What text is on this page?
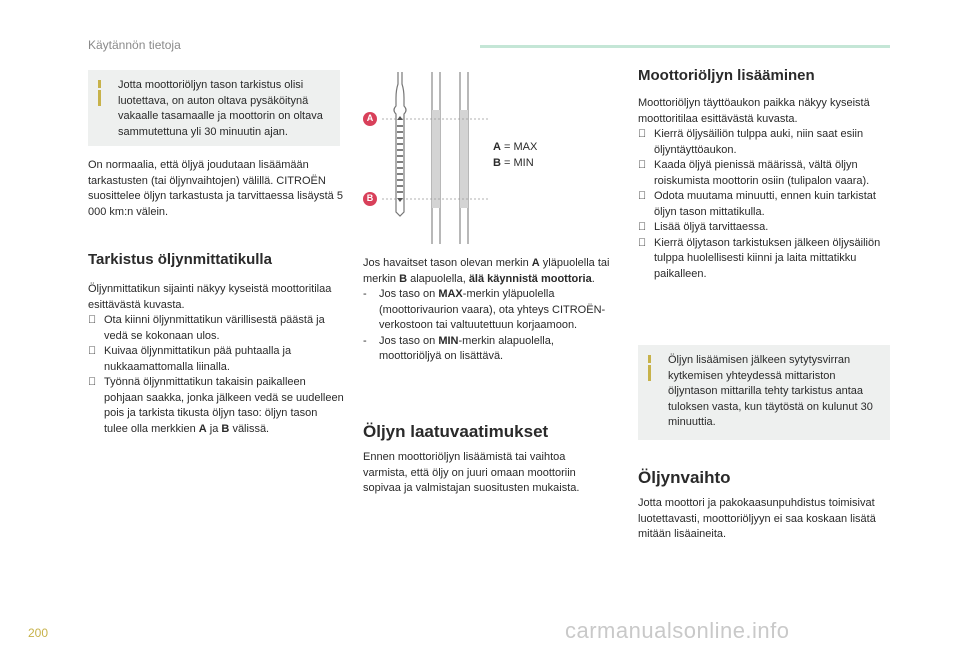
Käytännön tietoja

Jotta moottoriöljyn tason tarkistus olisi luotettava, on auton oltava pysäköitynä vakaalle tasamaalle ja moottorin on oltava sammutettuna yli 30 minuutin ajan.

On normaalia, että öljyä joudutaan lisäämään tarkastusten (tai öljynvaihtojen) välillä. CITROËN suosittelee öljyn tarkastusta ja tarvittaessa lisäystä 5 000 km:n välein.

Tarkistus öljynmittatikulla

Öljynmittatikun sijainti näkyy kyseistä moottoritilaa esittävästä kuvasta.

Ota kiinni öljynmittatikun värillisestä päästä ja vedä se kokonaan ulos.
Kuivaa öljynmittatikun pää puhtaalla ja nukkaamattomalla liinalla.
Työnnä öljynmittatikun takaisin paikalleen pohjaan saakka, jonka jälkeen vedä se uudelleen pois ja tarkista tikusta öljyn taso: öljyn tason tulee olla merkkien A ja B välissä.
A
B
A = MAX
B = MIN

Jos havaitset tason olevan merkin A yläpuolella tai merkin B alapuolella, älä käynnistä moottoria.

- Jos taso on MAX-merkin yläpuolella (moottorivaurion vaara), ota yhteys CITROËN-verkostoon tai valtuutettuun korjaamoon.
- Jos taso on MIN-merkin alapuolella, moottoriöljyä on lisättävä.
Öljyn laatuvaatimukset

Ennen moottoriöljyn lisäämistä tai vaihtoa varmista, että öljy on juuri omaan moottoriin sopivaa ja valmistajan suositusten mukaista.

Moottoriöljyn lisääminen

Moottoriöljyn täyttöaukon paikka näkyy kyseistä moottoritilaa esittävästä kuvasta.

Kierrä öljysäiliön tulppa auki, niin saat esiin öljyntäyttöaukon.
Kaada öljyä pienissä määrissä, vältä öljyn roiskumista moottorin osiin (tulipalon vaara).
Odota muutama minuutti, ennen kuin tarkistat öljyn tason mittatikulla.
Lisää öljyä tarvittaessa.
Kierrä öljytason tarkistuksen jälkeen öljysäiliön tulppa huolellisesti kiinni ja laita mittatikku paikalleen.

Öljyn lisäämisen jälkeen sytytysvirran kytkemisen yhteydessä mittariston öljyntason mittarilla tehty tarkistus antaa tuloksen vasta, kun täytöstä on kulunut 30 minuuttia.

Öljynvaihto

Jotta moottori ja pakokaasunpuhdistus toimisivat luotettavasti, moottoriöljyyn ei saa koskaan lisätä mitään lisäaineita.

200	carmanualsonline.info
